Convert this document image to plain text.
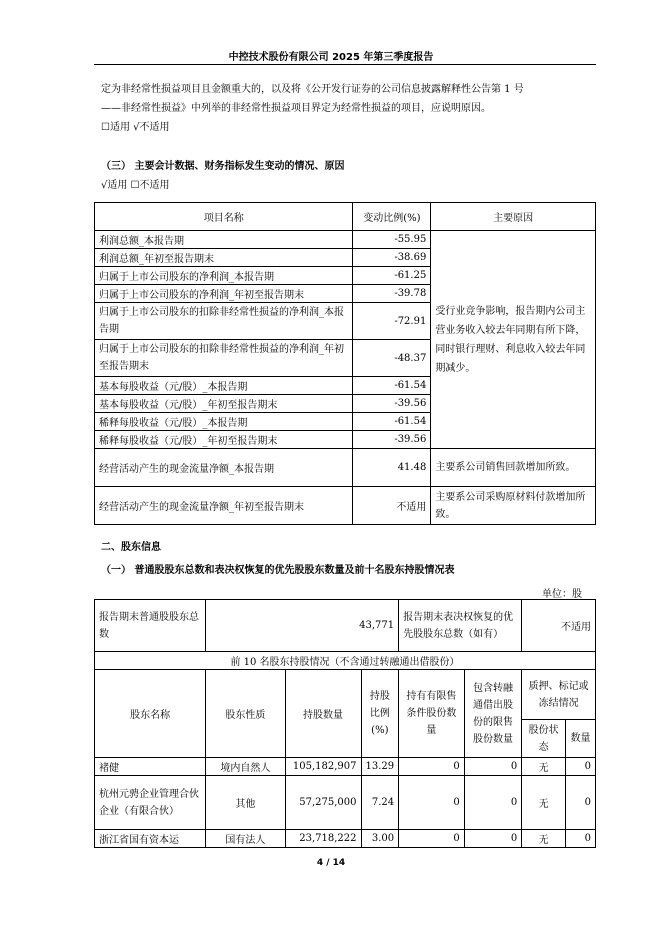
中控技术股份有限公司 2025 年第三季度报告
定为非经常性损益项目且金额重大的，以及将《公开发行证券的公司信息披露解释性公告第 1 号
——非经常性损益》中列举的非经常性损益项目界定为经常性损益的项目，应说明原因。
☐适用 √不适用
（三） 主要会计数据、财务指标发生变动的情况、原因
√适用 ☐不适用
项目名称	变动比例(%)	主要原因
利润总额_本报告期	-55.95	受行业竞争影响，报告期内公司主营业务收入较去年同期有所下降，同时银行理财、利息收入较去年同期减少。
利润总额_年初至报告期末	-38.69	
归属于上市公司股东的净利润_本报告期	-61.25	
归属于上市公司股东的净利润_年初至报告期末	-39.78	
归属于上市公司股东的扣除非经常性损益的净利润_本报告期	-72.91	
归属于上市公司股东的扣除非经常性损益的净利润_年初至报告期末	-48.37	
基本每股收益（元/股）_本报告期	-61.54	
基本每股收益（元/股）_年初至报告期末	-39.56	
稀释每股收益（元/股）_本报告期	-61.54	
稀释每股收益（元/股）_年初至报告期末	-39.56	
经营活动产生的现金流量净额_本报告期	41.48	主要系公司销售回款增加所致。
经营活动产生的现金流量净额_年初至报告期末	不适用	主要系公司采购原材料付款增加所致。
二、股东信息
（一） 普通股股东总数和表决权恢复的优先股股东数量及前十名股东持股情况表
单位：股
报告期末普通股股东总数	43,771			报告期末表决权恢复的优先股股东总数（如有）		不适用	
前 10 名股东持股情况（不含通过转融通出借股份）							
股东名称	股东性质	持股数量	持股比例(%)	持有有限售条件股份数量	包含转融通借出股份的限售股份数量	质押、标记或冻结情况	
						股份状态	数量
褚健	境内自然人	105,182,907	13.29	0	0	无	0
杭州元骋企业管理合伙企业（有限合伙）	其他	57,275,000	7.24	0	0	无	0
浙江省国有资本运	国有法人	23,718,222	3.00	0	0	无	0
4 / 14
